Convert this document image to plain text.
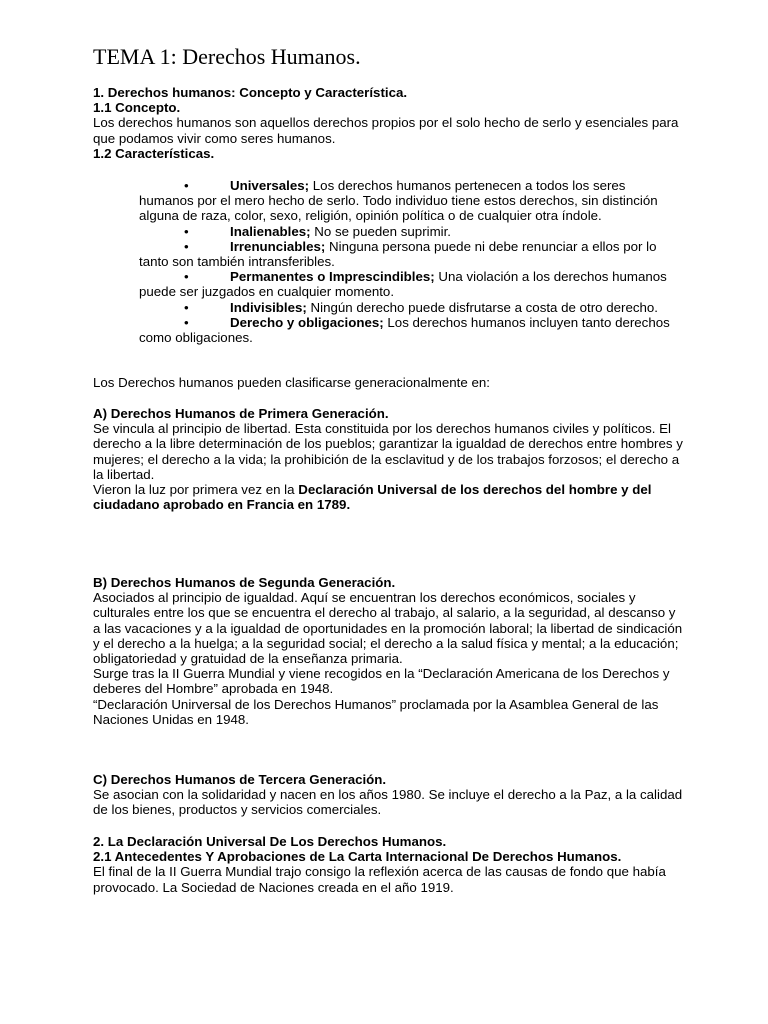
TEMA 1: Derechos Humanos.

1. Derechos humanos: Concepto y Característica.

1.1 Concepto.

Los derechos humanos son aquellos derechos propios por el solo hecho de serlo y esenciales para que podamos vivir como seres humanos.

1.2 Características.

•	Universales; Los derechos humanos pertenecen a todos los seres humanos por el mero hecho de serlo. Todo individuo tiene estos derechos, sin distinción alguna de raza, color, sexo, religión, opinión política o de cualquier otra índole.

•	Inalienables; No se pueden suprimir.

•	Irrenunciables; Ninguna persona puede ni debe renunciar a ellos por lo tanto son también intransferibles.

•	Permanentes o Imprescindibles; Una violación a los derechos humanos puede ser juzgados en cualquier momento.

•	Indivisibles; Ningún derecho puede disfrutarse a costa de otro derecho.

•	Derecho y obligaciones; Los derechos humanos incluyen tanto derechos como obligaciones.

Los Derechos humanos pueden clasificarse generacionalmente en:

A) Derechos Humanos de Primera Generación.

Se vincula al principio de libertad. Esta constituida por los derechos humanos civiles y políticos. El derecho a la libre determinación de los pueblos; garantizar la igualdad de derechos entre hombres y mujeres; el derecho a la vida; la prohibición de la esclavitud y de los trabajos forzosos; el derecho a la libertad.

Vieron la luz por primera vez en la Declaración Universal de los derechos del hombre y del ciudadano aprobado en Francia en 1789.

B) Derechos Humanos de Segunda Generación.

Asociados al principio de igualdad. Aquí se encuentran los derechos económicos, sociales y culturales entre los que se encuentra el derecho al trabajo, al salario, a la seguridad, al descanso y a las vacaciones y a la igualdad de oportunidades en la promoción laboral; la libertad de sindicación y el derecho a la huelga; a la seguridad social; el derecho a la salud física y mental; a la educación; obligatoriedad y gratuidad de la enseñanza primaria.

Surge tras la II Guerra Mundial y viene recogidos en la “Declaración Americana de los Derechos y deberes del Hombre” aprobada en 1948.

“Declaración Unirversal de los Derechos Humanos” proclamada por la Asamblea General de las Naciones Unidas en 1948.

C) Derechos Humanos de Tercera Generación.

Se asocian con la solidaridad y nacen en los años 1980. Se incluye el derecho a la Paz, a la calidad de los bienes, productos y servicios comerciales.

2. La Declaración Universal De Los Derechos Humanos.

2.1 Antecedentes Y Aprobaciones de La Carta Internacional De Derechos Humanos.

El final de la II Guerra Mundial trajo consigo la reflexión acerca de las causas de fondo que había provocado. La Sociedad de Naciones creada en el año 1919.
